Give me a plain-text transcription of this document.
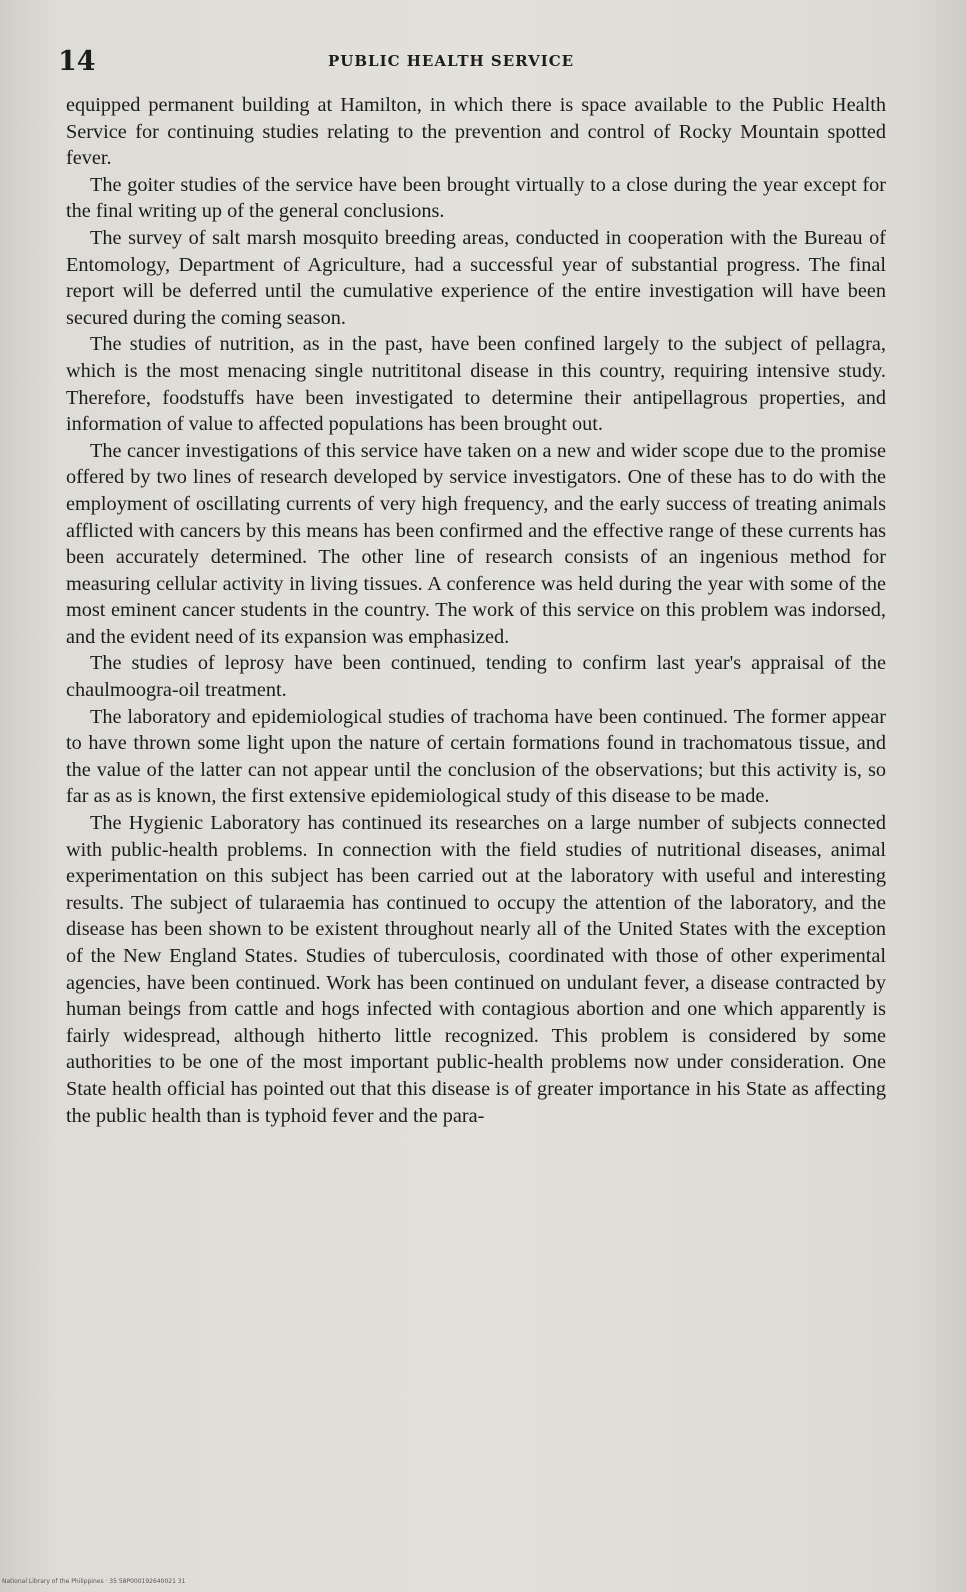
14	PUBLIC HEALTH SERVICE

equipped permanent building at Hamilton, in which there is space available to the Public Health Service for continuing studies relating to the prevention and control of Rocky Mountain spotted fever.

The goiter studies of the service have been brought virtually to a close during the year except for the final writing up of the general conclusions.

The survey of salt marsh mosquito breeding areas, conducted in cooperation with the Bureau of Entomology, Department of Agriculture, had a successful year of substantial progress. The final report will be deferred until the cumulative experience of the entire investigation will have been secured during the coming season.

The studies of nutrition, as in the past, have been confined largely to the subject of pellagra, which is the most menacing single nutrititonal disease in this country, requiring intensive study. Therefore, foodstuffs have been investigated to determine their antipellagrous properties, and information of value to affected populations has been brought out.

The cancer investigations of this service have taken on a new and wider scope due to the promise offered by two lines of research developed by service investigators. One of these has to do with the employment of oscillating currents of very high frequency, and the early success of treating animals afflicted with cancers by this means has been confirmed and the effective range of these currents has been accurately determined. The other line of research consists of an ingenious method for measuring cellular activity in living tissues. A conference was held during the year with some of the most eminent cancer students in the country. The work of this service on this problem was indorsed, and the evident need of its expansion was emphasized.

The studies of leprosy have been continued, tending to confirm last year's appraisal of the chaulmoogra-oil treatment.

The laboratory and epidemiological studies of trachoma have been continued. The former appear to have thrown some light upon the nature of certain formations found in trachomatous tissue, and the value of the latter can not appear until the conclusion of the observations; but this activity is, so far as as is known, the first extensive epidemiological study of this disease to be made.

The Hygienic Laboratory has continued its researches on a large number of subjects connected with public-health problems. In connection with the field studies of nutritional diseases, animal experimentation on this subject has been carried out at the laboratory with useful and interesting results. The subject of tularaemia has continued to occupy the attention of the laboratory, and the disease has been shown to be existent throughout nearly all of the United States with the exception of the New England States. Studies of tuberculosis, coordinated with those of other experimental agencies, have been continued. Work has been continued on undulant fever, a disease contracted by human beings from cattle and hogs infected with contagious abortion and one which apparently is fairly widespread, although hitherto little recognized. This problem is considered by some authorities to be one of the most important public-health problems now under consideration. One State health official has pointed out that this disease is of greater importance in his State as affecting the public health than is typhoid fever and the para-

National Library of the Philippines · 35 58P000192640021 31
